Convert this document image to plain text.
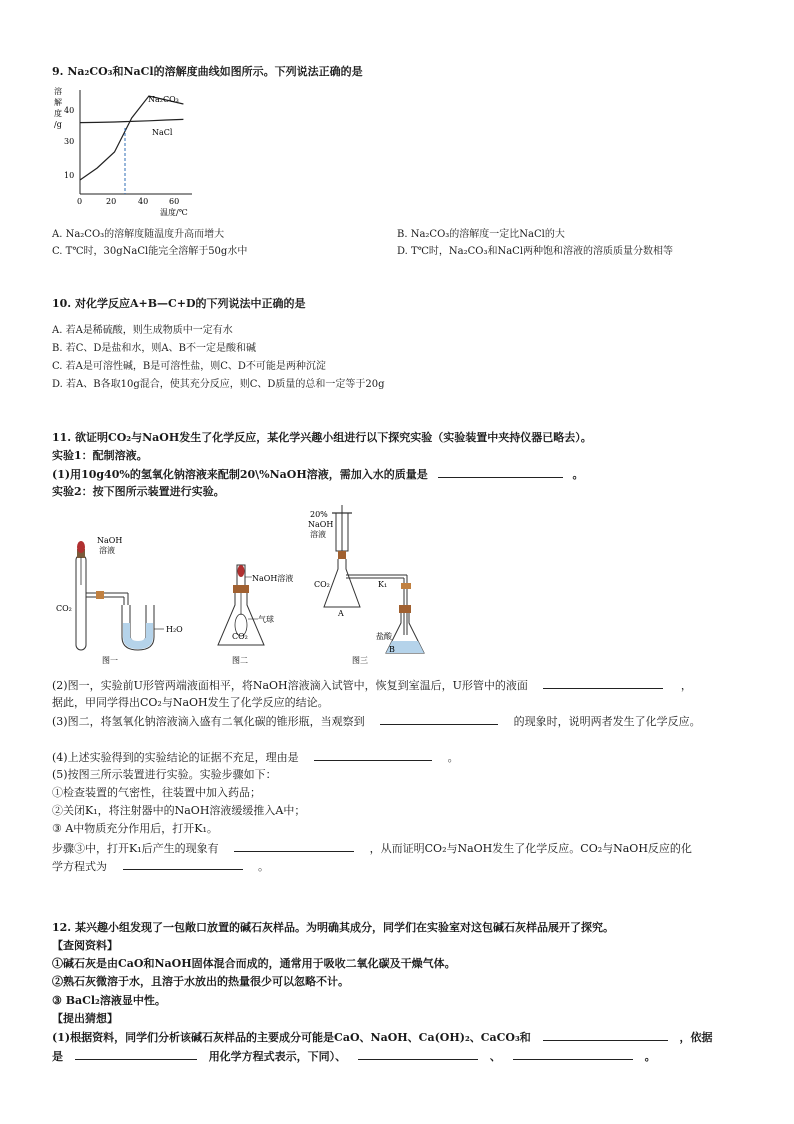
9. Na₂CO₃和NaCl的溶解度曲线如图所示。下列说法正确的是
溶
解
度
/g
40
30
10
0	20	40	60
温度/℃
Na₂CO₃
NaCl
A. Na₂CO₃的溶解度随温度升高而增大	B. Na₂CO₃的溶解度一定比NaCl的大
C. T℃时，30gNaCl能完全溶解于50g水中	D. T℃时，Na₂CO₃和NaCl两种饱和溶液的溶质质量分数相等
10. 对化学反应A+B—C+D的下列说法中正确的是
A. 若A是稀硫酸，则生成物质中一定有水
B. 若C、D是盐和水，则A、B不一定是酸和碱
C. 若A是可溶性碱，B是可溶性盐，则C、D不可能是两种沉淀
D. 若A、B各取10g混合，使其充分反应，则C、D质量的总和一定等于20g
11. 欲证明CO₂与NaOH发生了化学反应，某化学兴趣小组进行以下探究实验（实验装置中夹持仪器已略去）。
实验1：配制溶液。
(1)用10g40%的氢氧化钠溶液来配制20\%NaOH溶液，需加入水的质量是	。
实验2：按下图所示装置进行实验。
NaOH
溶液
CO₂
H₂O
图一
NaOH溶液
气球
CO₂
图二
20%
NaOH
溶液
CO₂
A
K₁
盐酸
B
图三
(2)图一，实验前U形管两端液面相平，将NaOH溶液滴入试管中，恢复到室温后，U形管中的液面	，
据此，甲同学得出CO₂与NaOH发生了化学反应的结论。
(3)图二，将氢氧化钠溶液滴入盛有二氧化碳的锥形瓶，当观察到	的现象时，说明两者发生了化学反应。
(4)上述实验得到的实验结论的证据不充足，理由是	。
(5)按图三所示装置进行实验。实验步骤如下：
①检查装置的气密性，往装置中加入药品；
②关闭K₁，将注射器中的NaOH溶液缓缓推入A中；
③ A中物质充分作用后，打开K₁。
步骤③中，打开K₁后产生的现象有	，从而证明CO₂与NaOH发生了化学反应。CO₂与NaOH反应的化
学方程式为	。
12. 某兴趣小组发现了一包敞口放置的碱石灰样品。为明确其成分，同学们在实验室对这包碱石灰样品展开了探究。
【查阅资料】
①碱石灰是由CaO和NaOH固体混合而成的，通常用于吸收二氧化碳及干燥气体。
②熟石灰微溶于水，且溶于水放出的热量很少可以忽略不计。
③ BaCl₂溶液显中性。
【提出猜想】
(1)根据资料，同学们分析该碱石灰样品的主要成分可能是CaO、NaOH、Ca(OH)₂、CaCO₃和	，依据
是	用化学方程式表示，下同）、	、	。
